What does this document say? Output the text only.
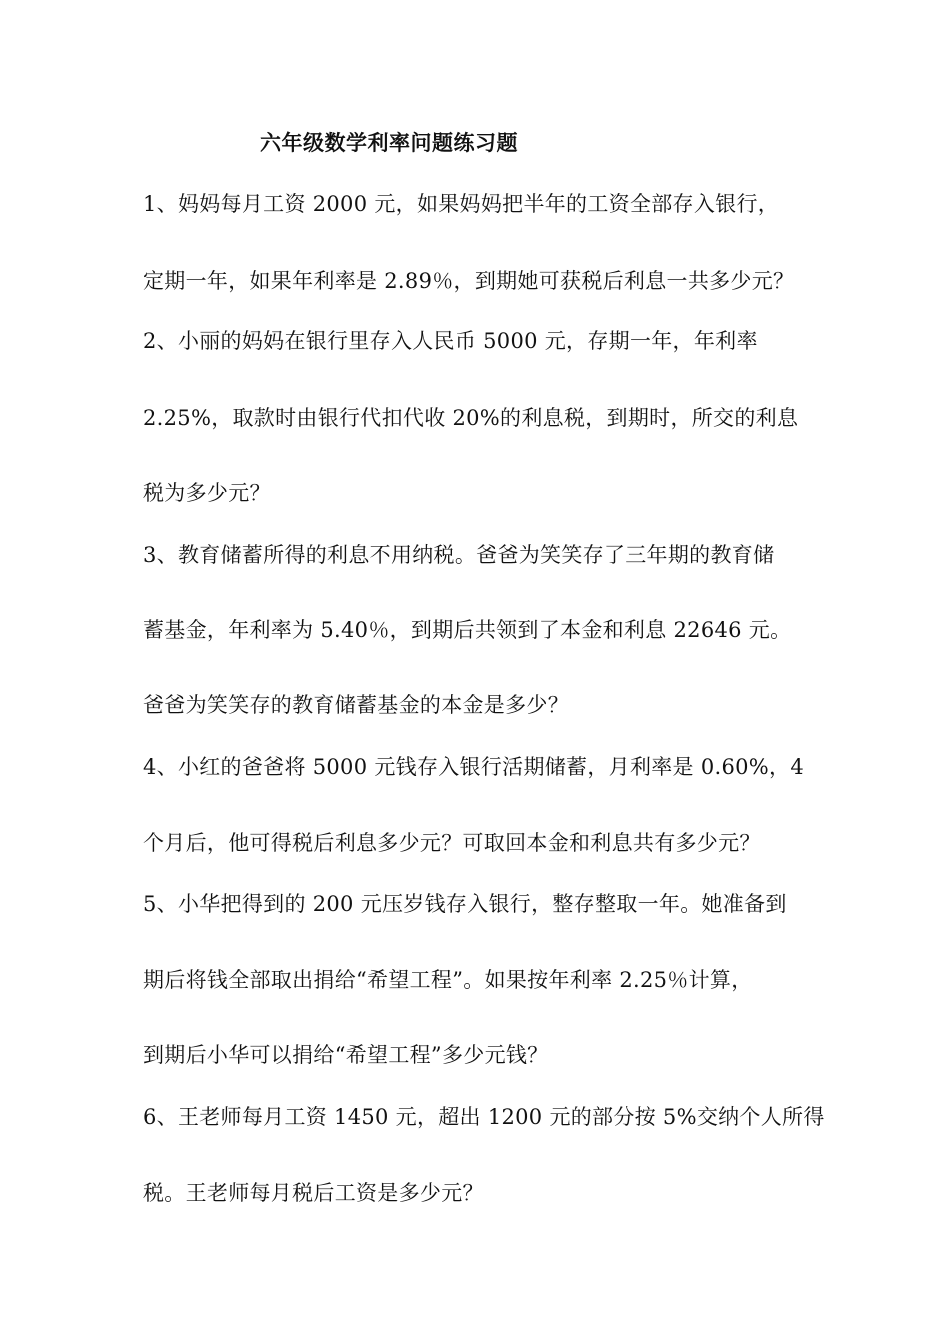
六年级数学利率问题练习题
1、妈妈每月工资 2000 元，如果妈妈把半年的工资全部存入银行，
定期一年，如果年利率是 2.89％，到期她可获税后利息一共多少元？
2、小丽的妈妈在银行里存入人民币 5000 元，存期一年，年利率
2.25%，取款时由银行代扣代收 20%的利息税，到期时，所交的利息
税为多少元？
3、教育储蓄所得的利息不用纳税。爸爸为笑笑存了三年期的教育储
蓄基金，年利率为 5.40％，到期后共领到了本金和利息 22646 元。
爸爸为笑笑存的教育储蓄基金的本金是多少？
4、小红的爸爸将 5000 元钱存入银行活期储蓄，月利率是 0.60%，4
个月后，他可得税后利息多少元？可取回本金和利息共有多少元？
5、小华把得到的 200 元压岁钱存入银行，整存整取一年。她准备到
期后将钱全部取出捐给“希望工程”。如果按年利率 2.25％计算，
到期后小华可以捐给“希望工程”多少元钱？
6、王老师每月工资 1450 元，超出 1200 元的部分按 5%交纳个人所得
税。王老师每月税后工资是多少元？
